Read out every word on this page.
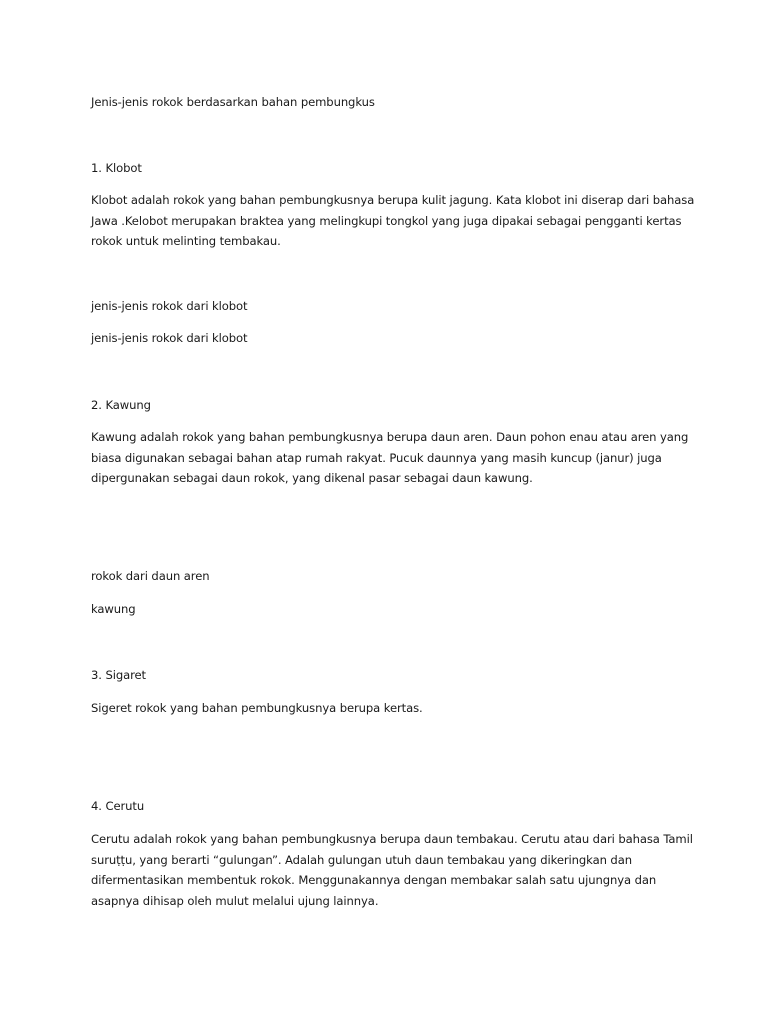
Jenis-jenis rokok berdasarkan bahan pembungkus
1. Klobot
Klobot adalah rokok yang bahan pembungkusnya berupa kulit jagung. Kata klobot ini diserap dari bahasa
Jawa .Kelobot merupakan braktea yang melingkupi tongkol yang juga dipakai sebagai pengganti kertas
rokok untuk melinting tembakau.
jenis-jenis rokok dari klobot
jenis-jenis rokok dari klobot
2. Kawung
Kawung adalah rokok yang bahan pembungkusnya berupa daun aren. Daun pohon enau atau aren yang
biasa digunakan sebagai bahan atap rumah rakyat. Pucuk daunnya yang masih kuncup (janur) juga
dipergunakan sebagai daun rokok, yang dikenal pasar sebagai daun kawung.
rokok dari daun aren
kawung
3. Sigaret
Sigeret rokok yang bahan pembungkusnya berupa kertas.
4. Cerutu
Cerutu adalah rokok yang bahan pembungkusnya berupa daun tembakau. Cerutu atau dari bahasa Tamil
suruṭṭu, yang berarti “gulungan”. Adalah gulungan utuh daun tembakau yang dikeringkan dan
difermentasikan membentuk rokok. Menggunakannya dengan membakar salah satu ujungnya dan
asapnya dihisap oleh mulut melalui ujung lainnya.
